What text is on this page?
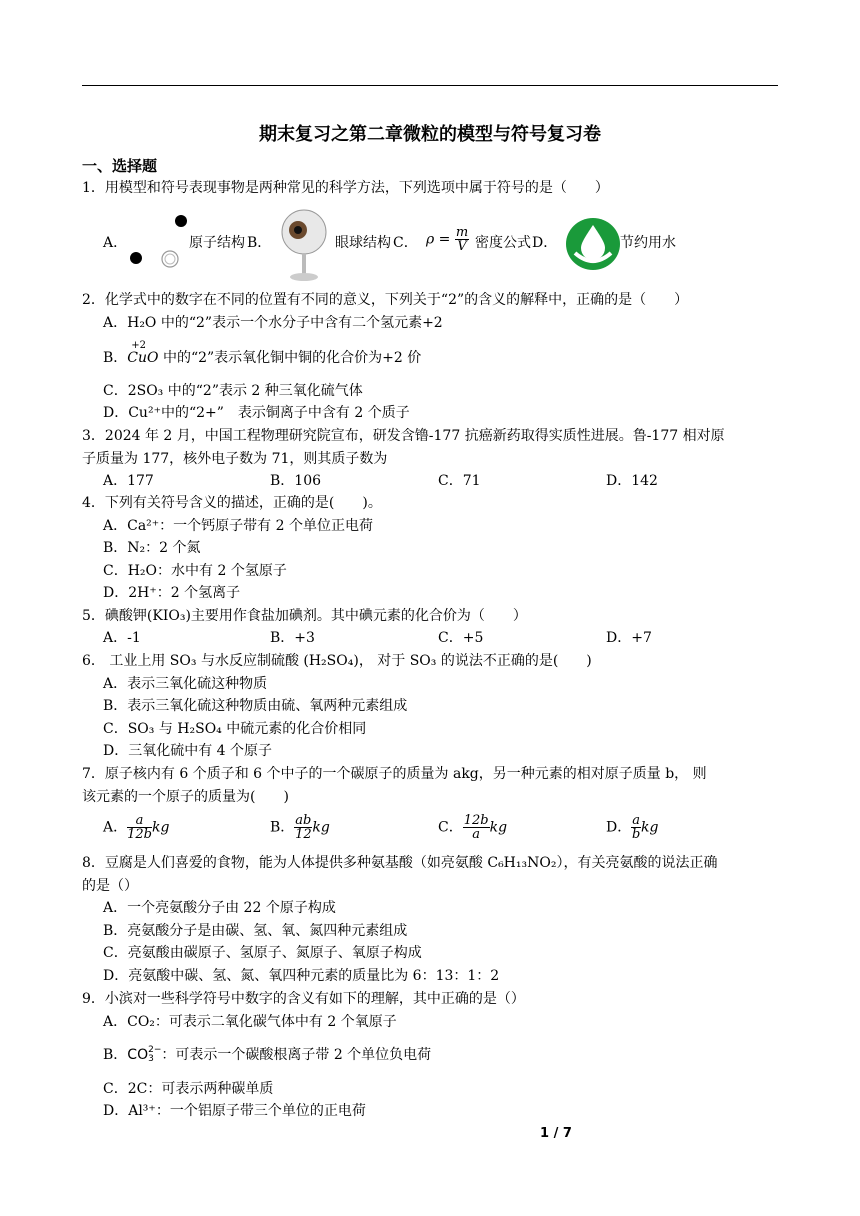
期末复习之第二章微粒的模型与符号复习卷
一、选择题
1．用模型和符号表现事物是两种常见的科学方法，下列选项中属于符号的是（　　）
A．	原子结构 B．	眼球结构 C． $\rho = \frac{m}{V}$ 密度公式 D．	节约用水
2．化学式中的数字在不同的位置有不同的意义，下列关于“2”的含义的解释中，正确的是（　　）
A．H₂O 中的“2”表示一个水分子中含有二个氢元素+2
B．
+2
CuO 中的“2”表示氧化铜中铜的化合价为+2 价
C．2SO₃ 中的“2”表示 2 种三氧化硫气体
D．Cu²⁺中的“2+”　表示铜离子中含有 2 个质子
3．2024 年 2 月，中国工程物理研究院宣布，研发含镥-177 抗癌新药取得实质性进展。鲁-177 相对原
子质量为 177，核外电子数为 71，则其质子数为
A．177	B．106	C．71	D．142
4．下列有关符号含义的描述，正确的是(　　)。
A．Ca²⁺：一个钙原子带有 2 个单位正电荷
B．N₂：2 个氮
C．H₂O：水中有 2 个氢原子
D．2H⁺：2 个氢离子
5．碘酸钾(KIO₃)主要用作食盐加碘剂。其中碘元素的化合价为（　　）
A．-1	B．+3	C．+5	D．+7
6． 工业上用 SO₃ 与水反应制硫酸 (H₂SO₄)， 对于 SO₃ 的说法不正确的是(　　)
A．表示三氧化硫这种物质
B．表示三氧化硫这种物质由硫、氧两种元素组成
C．SO₃ 与 H₂SO₄ 中硫元素的化合价相同
D．三氧化硫中有 4 个原子
7．原子核内有 6 个质子和 6 个中子的一个碳原子的质量为 akg，另一种元素的相对原子质量 b， 则
该元素的一个原子的质量为(　　)
A． $\frac{a}{12b}$ kg	B． $\frac{ab}{12}$ kg	C． $\frac{12b}{a}$ kg	D． $\frac{a}{b}$ kg
8．豆腐是人们喜爱的食物，能为人体提供多种氨基酸（如亮氨酸 C₆H₁₃NO₂），有关亮氨酸的说法正确
的是（）
A．一个亮氨酸分子由 22 个原子构成
B．亮氨酸分子是由碳、氢、氧、氮四种元素组成
C．亮氨酸由碳原子、氢原子、氮原子、氧原子构成
D．亮氨酸中碳、氢、氮、氧四种元素的质量比为 6：13：1：2
9．小滨对一些科学符号中数字的含义有如下的理解，其中正确的是（）
A．CO₂：可表示二氧化碳气体中有 2 个氧原子
B．CO 2−
3 ：可表示一个碳酸根离子带 2 个单位负电荷
C．2C：可表示两种碳单质
D．Al³⁺：一个铝原子带三个单位的正电荷
1 / 7
